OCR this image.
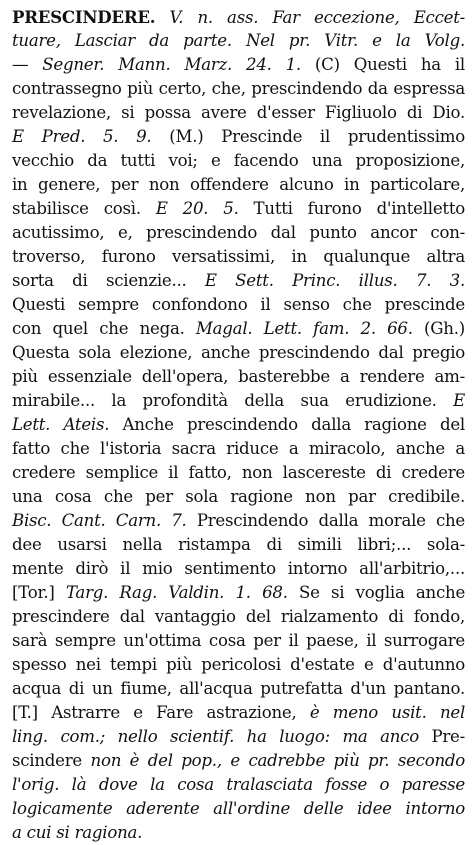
PRESCINDERE. V. n. ass. Far eccezione, Eccet-
tuare, Lasciar da parte. Nel pr. Vitr. e la Volg.
— Segner. Mann. Marz. 24. 1. (C) Questi ha il
contrassegno più certo, che, prescindendo da espressa
revelazione, si possa avere d'esser Figliuolo di Dio.
E Pred. 5. 9. (M.) Prescinde il prudentissimo
vecchio da tutti voi; e facendo una proposizione,
in genere, per non offendere alcuno in particolare,
stabilisce così. E 20. 5. Tutti furono d'intelletto
acutissimo, e, prescindendo dal punto ancor con-
troverso, furono versatissimi, in qualunque altra
sorta di scienzie... E Sett. Princ. illus. 7. 3.
Questi sempre confondono il senso che prescinde
con quel che nega. Magal. Lett. fam. 2. 66. (Gh.)
Questa sola elezione, anche prescindendo dal pregio
più essenziale dell'opera, basterebbe a rendere am-
mirabile... la profondità della sua erudizione. E
Lett. Ateis. Anche prescindendo dalla ragione del
fatto che l'istoria sacra riduce a miracolo, anche a
credere semplice il fatto, non lascereste di credere
una cosa che per sola ragione non par credibile.
Bisc. Cant. Carn. 7. Prescindendo dalla morale che
dee usarsi nella ristampa di simili libri;... sola-
mente dirò il mio sentimento intorno all'arbitrio,...
[Tor.] Targ. Rag. Valdin. 1. 68. Se si voglia anche
prescindere dal vantaggio del rialzamento di fondo,
sarà sempre un'ottima cosa per il paese, il surrogare
spesso nei tempi più pericolosi d'estate e d'autunno
acqua di un fiume, all'acqua putrefatta d'un pantano.
[T.] Astrarre e Fare astrazione, è meno usit. nel
ling. com.; nello scientif. ha luogo: ma anco Pre-
scindere non è del pop., e cadrebbe più pr. secondo
l'orig. là dove la cosa tralasciata fosse o paresse
logicamente aderente all'ordine delle idee intorno
a cui si ragiona.
